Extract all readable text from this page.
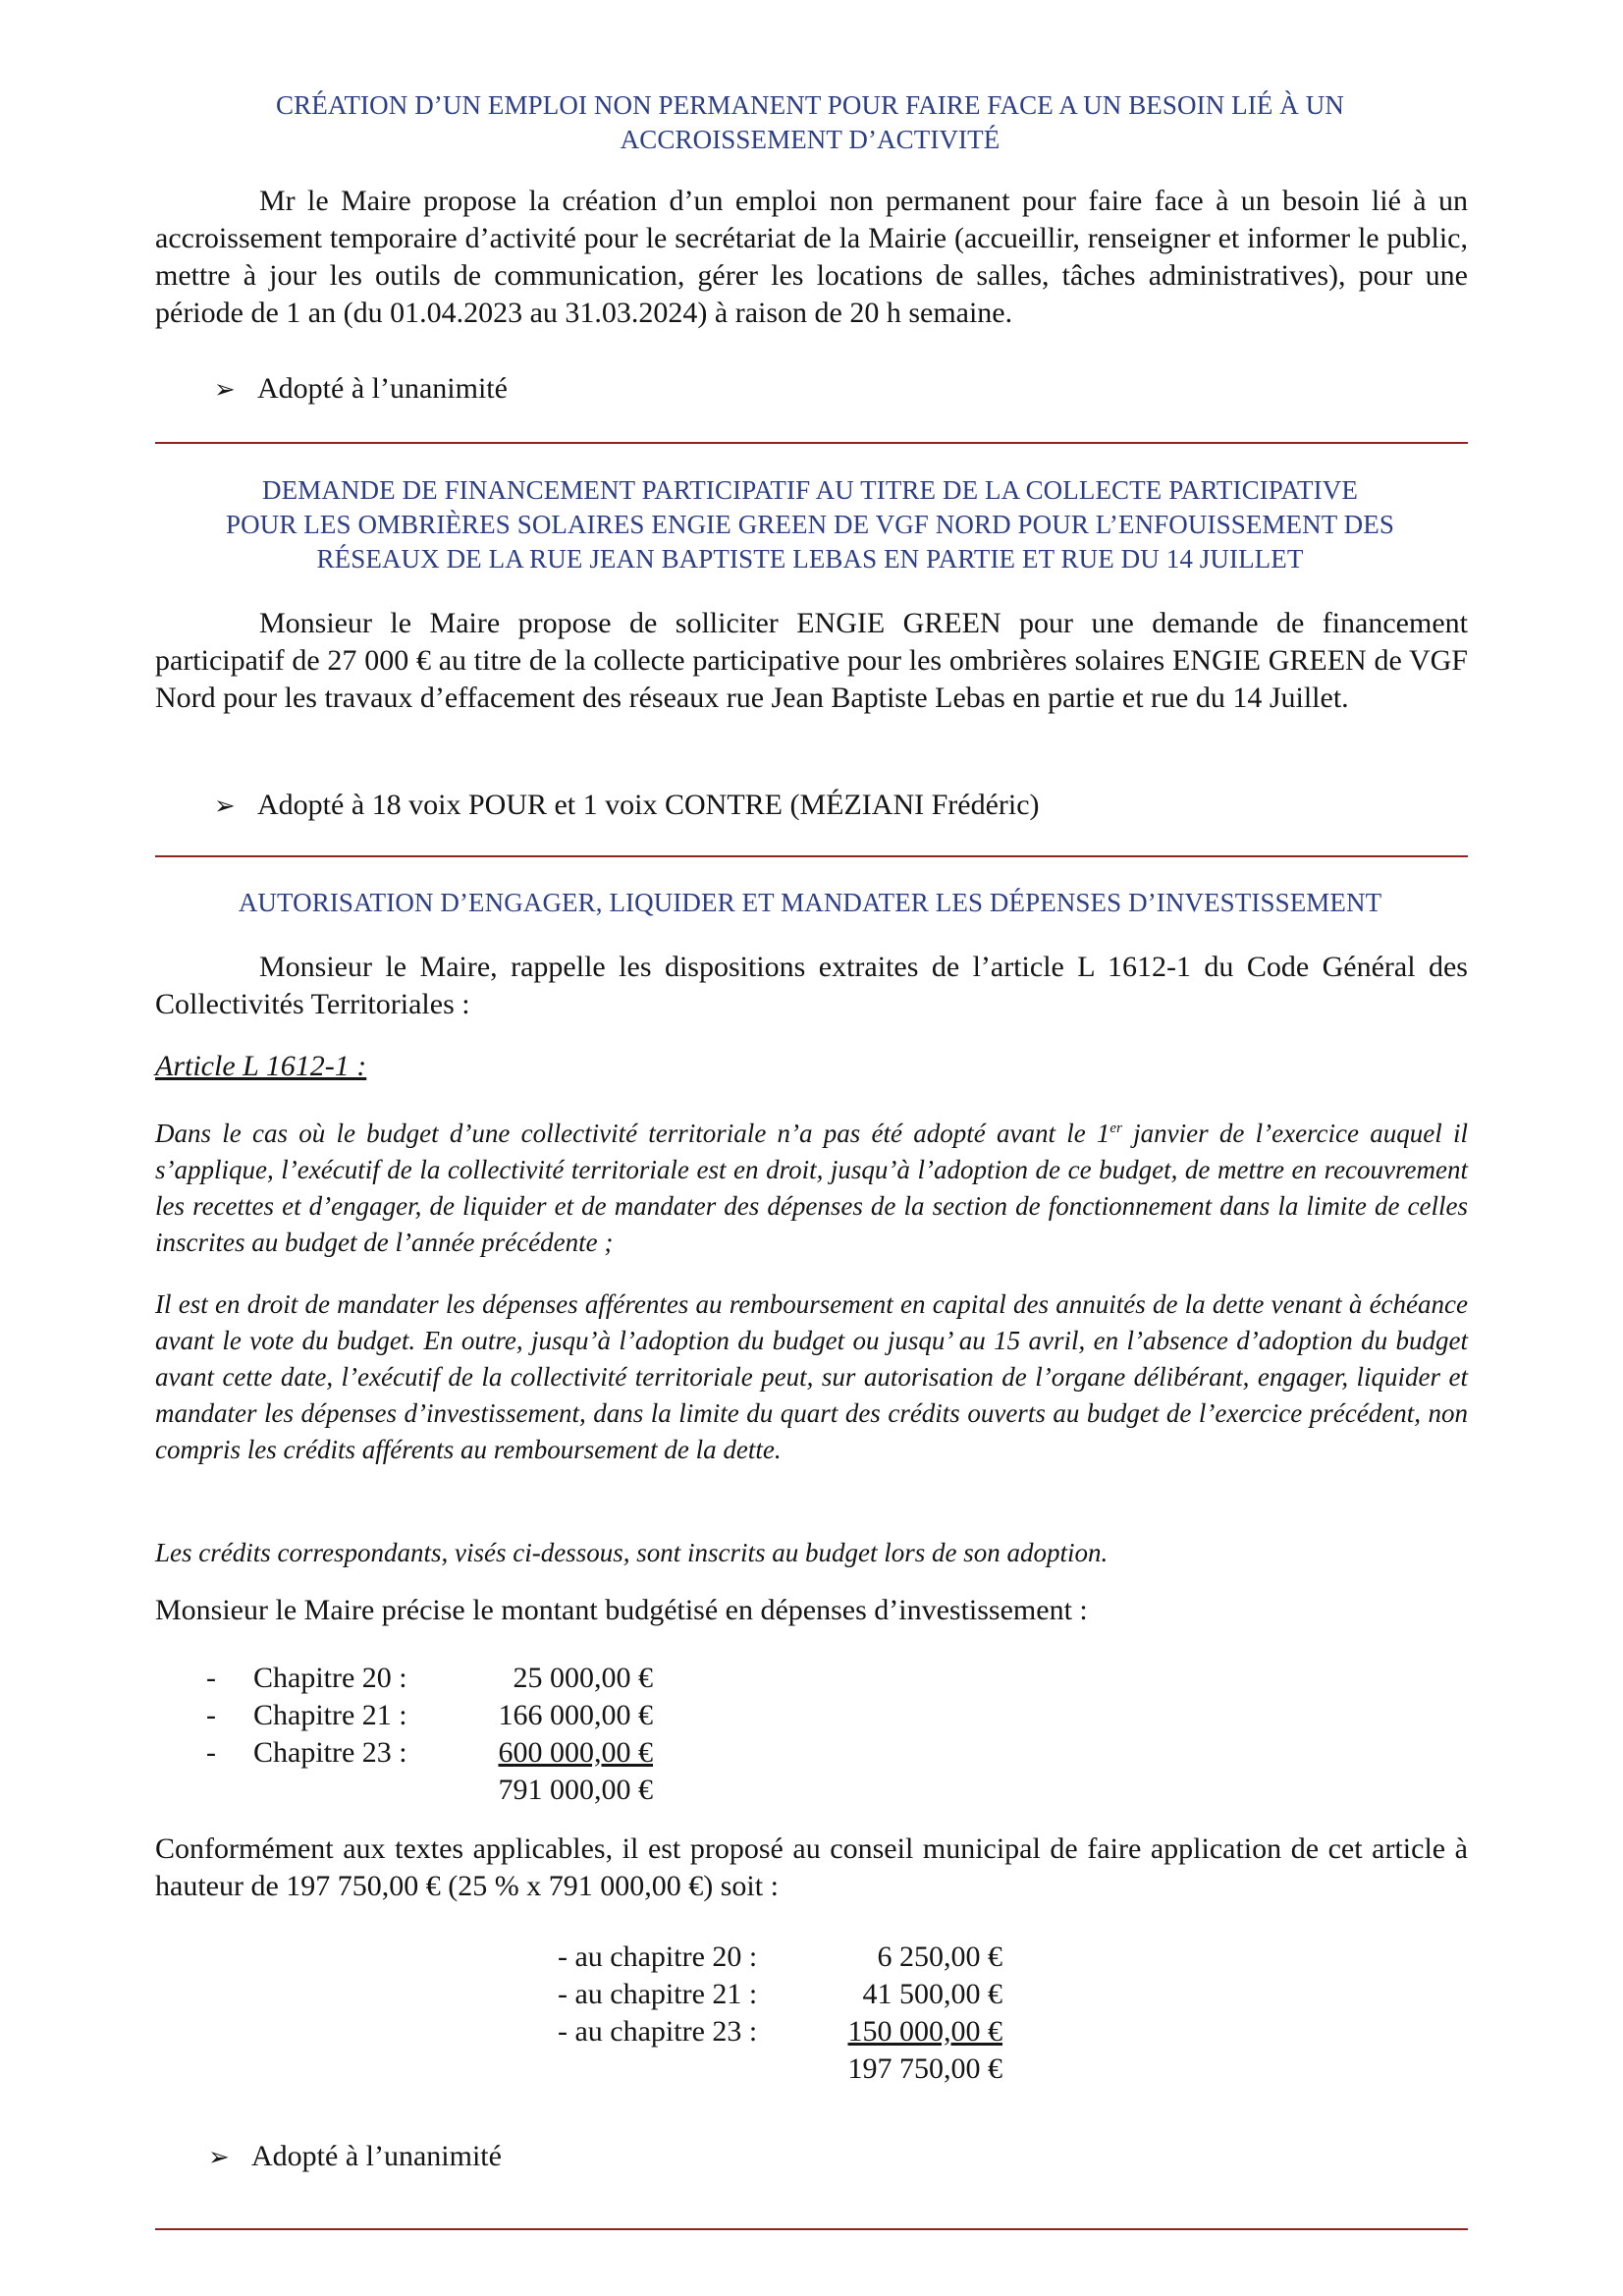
CRÉATION D’UN EMPLOI NON PERMANENT POUR FAIRE FACE A UN BESOIN LIÉ À UN
ACCROISSEMENT D’ACTIVITÉ

Mr le Maire propose la création d’un emploi non permanent pour faire face à un besoin lié à un accroissement temporaire d’activité pour le secrétariat de la Mairie (accueillir, renseigner et informer le public, mettre à jour les outils de communication, gérer les locations de salles, tâches administratives), pour une période de 1 an (du 01.04.2023 au 31.03.2024) à raison de 20 h semaine.

➢ Adopté à l’unanimité
DEMANDE DE FINANCEMENT PARTICIPATIF AU TITRE DE LA COLLECTE PARTICIPATIVE
POUR LES OMBRIÈRES SOLAIRES ENGIE GREEN DE VGF NORD POUR L’ENFOUISSEMENT DES
RÉSEAUX DE LA RUE JEAN BAPTISTE LEBAS EN PARTIE ET RUE DU 14 JUILLET

Monsieur le Maire propose de solliciter ENGIE GREEN pour une demande de financement participatif de 27 000 € au titre de la collecte participative pour les ombrières solaires ENGIE GREEN de VGF Nord pour les travaux d’effacement des réseaux rue Jean Baptiste Lebas en partie et rue du 14 Juillet.

➢ Adopté à 18 voix POUR et 1 voix CONTRE (MÉZIANI Frédéric)
AUTORISATION D’ENGAGER, LIQUIDER ET MANDATER LES DÉPENSES D’INVESTISSEMENT

Monsieur le Maire, rappelle les dispositions extraites de l’article L 1612-1 du Code Général des Collectivités Territoriales :

Article L 1612-1 :

Dans le cas où le budget d’une collectivité territoriale n’a pas été adopté avant le 1er janvier de l’exercice auquel il s’applique, l’exécutif de la collectivité territoriale est en droit, jusqu’à l’adoption de ce budget, de mettre en recouvrement les recettes et d’engager, de liquider et de mandater des dépenses de la section de fonctionnement dans la limite de celles inscrites au budget de l’année précédente ;

Il est en droit de mandater les dépenses afférentes au remboursement en capital des annuités de la dette venant à échéance avant le vote du budget. En outre, jusqu’à l’adoption du budget ou jusqu’ au 15 avril, en l’absence d’adoption du budget avant cette date, l’exécutif de la collectivité territoriale peut, sur autorisation de l’organe délibérant, engager, liquider et mandater les dépenses d’investissement, dans la limite du quart des crédits ouverts au budget de l’exercice précédent, non compris les crédits afférents au remboursement de la dette.

Les crédits correspondants, visés ci-dessous, sont inscrits au budget lors de son adoption.

Monsieur le Maire précise le montant budgétisé en dépenses d’investissement :

- Chapitre 20 :	25 000,00 €
- Chapitre 21 :	166 000,00 €
- Chapitre 23 :	600 000,00 €
791 000,00 €

Conformément aux textes applicables, il est proposé au conseil municipal de faire application de cet article à hauteur de 197 750,00 € (25 % x 791 000,00 €) soit :

- au chapitre 20 :	6 250,00 €
- au chapitre 21 :	41 500,00 €
- au chapitre 23 :	150 000,00 €
197 750,00 €
➢ Adopté à l’unanimité
